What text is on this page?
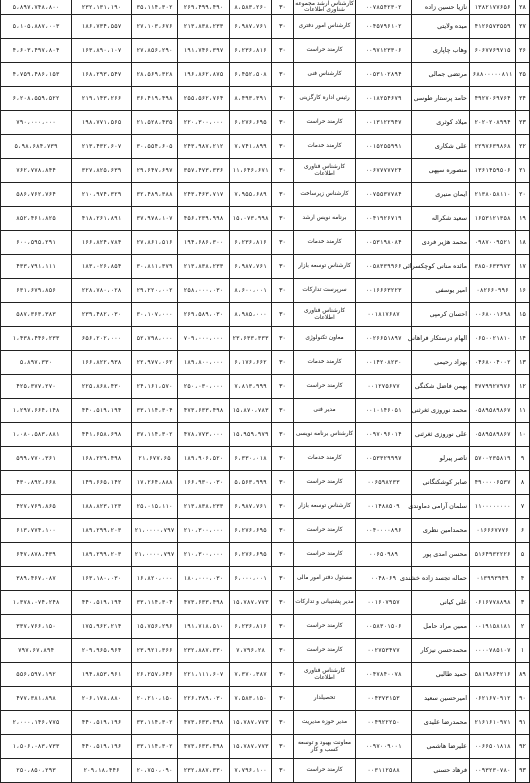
۲۸	۱۳۸۲۱۷۷۶۵۶	نازیا حسین زاده	۰۰۷۸۵۴۲۳۰۲	کارشناس ارشد مجموعه شناوری اطلاعات	۳۰	۸،۵۸۳،۲۶۰	۲۶۹،۴۹۹،۴۹۰	۳۵،۱۱۴،۳۰۲	۲۳۲،۱۳۱،۱۹۰	۵،۸۹۷،۷۴۸،۸۰۰
۲۷	۴۱۲۶۵۷۳۵۵۹	میده ولایتی	۰۰۴۵۷۹۶۱۰۲	کارشناس امور دفتری	۳۰	۶،۹۸۷،۷۶۱	۲۱۳،۸۳۸،۲۳۳	۲۷،۱۰۳،۶۷۶	۱۸۶،۷۳۴،۵۵۷	۵،۱۰۵،۸۸۷،۰۰۳
۲۶	۶۰۶۷۷۶۹۷۱۵	وهاب چاپاری	۰۰۹۷۱۲۳۳۰۶	کارمند حراست	۳۰	۶،۲۳۶،۸۱۶	۱۹۱،۷۴۶،۳۹۷	۲۷،۸۵۶،۲۹۰	۱۶۳،۸۹۰،۱۰۷	۴،۶۰۳،۴۹۷،۸۰۴
۲۵	۶۸۸۰۰۰۰۰۸۱۱	مرتضی جمالی	۰۰۵۳۱۰۲۸۹۴	کارشناس فنی	۳۰	۶،۴۵۲،۵۰۸	۱۹۶،۸۶۲،۸۷۵	۲۸،۵۶۹،۳۲۸	۱۶۸،۲۹۳،۵۴۷	۴،۷۵۹،۴۸۶،۱۵۳
۲۴	۴۹۲۷۰۶۹۷۶۴	حامد پرستار طوسی	۰۰۱۸۲۵۴۶۷۹	رئیس اداره کارگزینی	۳۰	۸،۴۹۳،۳۹۱	۲۵۵،۵۶۲،۷۶۴	۳۶،۴۱۹،۴۹۸	۲۱۹،۱۴۳،۲۶۶	۶،۲۰۸،۵۵۹،۵۲۲
۲۳	۲۰۲۰۲۰۸۹۹۴	میلاد کوثری	۰۰۱۳۱۲۲۹۴۷	کارمند حراست	۳۰	۶،۲۷۶،۶۹۵	۲۲۰،۳۰۰،۰۰۰	۲۱،۵۲۸،۴۳۵	۱۹۸،۷۷۱،۵۶۵	۷۹۰،۰۰۰،۰۰۰
۲۲	۲۲۹۷۶۳۹۸۶۸	علی شکاری	۰۰۱۵۲۵۵۹۹۱	کارمند خدمات	۳۰	۷،۷۴۱،۸۹۹	۲۴۳،۹۸۷،۲۱۲	۳۰،۵۵۴،۶۰۵	۲۱۳،۴۳۲،۶۰۷	۵،۹۸،۶۸۴،۷۳۹
۲۱	۱۳۶۱۴۵۹۵۰۶	منصوره سپهی	۰۰۶۷۷۷۷۷۲۴	کارشناس فناوری اطلاعات	۳۰	۱۱،۶۴۶،۶۷۱	۳۵۷،۴۷۳،۳۳۶	۲۹،۶۴۷،۶۹۷	۳۲۷،۸۲۵،۶۳۹	۷۶۲،۷۷۸،۸۴۴
۲۰	۲۱۳۸۰۵۸۱۱۰	ایمان منیری	۰۰۷۵۵۳۷۷۸۴	کارشناس زیرساخت	۳۰	۷،۹۵۵،۶۸۹	۲۴۳،۴۶۳،۷۱۷	۳۲،۴۸۹،۳۸۸	۲۱۰،۹۷۴،۳۲۹	۵۸۶،۷۶۲،۷۶۴
۱۹	۱۶۵۳۱۲۱۳۵۸	سعید شکراله	۰۰۴۱۹۲۶۷۱۹	برنامه نویس ارشد	۳۰	۱۵،۰۷۳،۹۹۸	۴۵۶،۲۳۹،۹۹۸	۳۷،۹۷۸،۱۰۷	۴۱۸،۲۶۱،۸۹۱	۸۵۲،۴۶۱،۸۲۵
۱۸	۰۹۸۷۰۰۹۵۲۱	محمد هژیر فردی	۰۰۵۳۱۹۸۰۸۴	کارمند خدمات	۳۰	۶،۲۳۶،۸۱۶	۱۹۴،۶۸۶،۳۰۰	۲۷،۸۶۱،۵۱۶	۱۶۶،۸۲۴،۷۸۴	۶۰۰،۵۹۵،۲۹۱
۱۷	۳۸۵۰۶۳۳۹۷۲	مائده منانی کوچکسرائی	۰۰۵۸۳۳۹۹۶۶	کارشناس توسعه بازار	۳۰	۶،۹۸۷،۷۶۱	۲۱۳،۸۳۸،۲۳۳	۳۰،۸۱۱،۳۷۹	۱۸۳،۰۲۶،۸۵۴	۴۳۳،۷۹۱،۱۱۱
۱۶	۰۸۲۶۶۰۹۹۶	امیر یوسفی	۰۰۱۶۶۶۳۲۲۳	سرپرست تدارکات	۳۰	۸،۶۰۰،۰۰۱	۲۵۸،۰۰۰،۰۳۰	۲۹،۲۲۰،۰۰۲	۲۲۸،۷۸۰،۰۲۸	۶۳۱،۶۷۹،۸۵۶
۱۵	۰۰۶۸۰۰۱۶۹۸	احسان کرمپی	۰۰۱۸۱۷۶۸۷	کارشناس فناوری اطلاعات	۳۰	۸،۹۸۵،۰۰۰	۲۶۹،۵۸۹،۰۳۰	۳۰،۱۰۷،۰۰۰	۲۳۹،۴۸۲،۰۳۰	۵۸۷،۳۶۳،۳۸۳
۱۴	۰۶۵۰۰۲۱۸۱۰	الهام درستکار فراهانی	۰۰۲۶۶۵۱۸۹۷	معاون تکنولوژی	۳۰	۲۳،۶۳۳،۳۳۳	۷۰۹،۰۰۰،۰۰۰	۵۲،۷۹۸،۰۰۰	۶۵۶،۲۰۲،۰۰۰	۱،۴۳۸،۴۴۶،۲۳۳
۱۳	۰۴۶۸۰۰۴۰۰۲	بهزاد رحیمی	۰۰۱۴۲۰۸۲۳۰	کارمند خدمات	۳۰	۶،۱۷۶،۶۶۲	۱۸۹،۸۰۰،۰۰۰	۲۲،۹۷۷،۰۶۲	۱۶۶،۸۲۲،۹۳۸	۵،۸۹۷،۳۳۰
۱۲	۴۷۷۹۹۲۷۹۷۶	بهمن فاضل شکنگی	۰۰۱۲۷۵۶۷۷	کارمند حراست	۳۰	۷،۸۱۳،۹۹۹	۲۵۰،۰۳۰،۰۰۰	۲۴،۱۶۱،۵۷۰	۲۲۵،۸۶۸،۴۳۰	۴۲۵،۳۷۷،۲۷۰
۱۱	۰۵۸۹۵۸۹۸۶۷	محمد نوروزی ثغرثنی	۰۰۱۰۱۴۶۰۵۱	مدیر فنی	۳۰	۱۵،۸۷۰،۷۸۳	۴۷۳،۶۳۳،۴۹۸	۳۳،۱۱۴،۳۰۴	۴۴۰،۵۱۹،۱۹۴	۱،۲۹۷،۶۶۴،۱۴۸
۱۰	۰۵۸۹۵۸۹۸۶۷	علی نوروزی ثغرثنی	۰۰۹۷۰۹۶۰۱۴	کارشناس برنامه نویسی	۳۰	۱۵،۹۵۹،۹۷۹	۴۷۸،۷۷۳،۰۰۰	۳۷،۱۱۴،۳۰۲	۴۴۱،۶۵۸،۶۹۸	۱،۰۸۰،۵۸۳،۸۸۱
۹	۵۷۰۰۲۳۵۸۱۹	ناصر پیرلو	۰۰۵۳۳۲۹۹۹۷	کارمند خدمات	۳۰	۶،۳۳۰،۰۱۸	۱۸۹،۹۰۶،۵۲۰	۲۱،۶۷۷،۶۵	۱۶۸،۲۲۹،۴۹۸	۵۹۹،۷۷۰،۳۶۱
۸	۴۹۰۰۰۰۶۵۳۷	صابر کوشکنگانی	۰۰۶۵۹۸۲۳۳	کارمند حراست	۳۰	۵،۵۶۳،۹۹۹	۱۶۶،۹۳۰،۰۳۰	۱۷،۲۶۴،۸۸۸	۱۴۹،۶۶۵،۱۴۲	۴۳۰،۸۹۲،۶۶۸
۷	۱۱۰۰۰۰۰۰۰۰	سلمان آرامی دماوندی	۰۰۱۴۸۸۵۰۹	کارشناس توسعه بازار	۳۰	۶،۹۸۷،۷۶۱	۲۱۳،۸۳۸،۲۳۳	۲۵،۰۱۵،۱۱۰	۱۸۸،۸۲۳،۱۲۳	۴۲۷،۷۶۹،۸۶۵
۶	۰۱۶۶۶۷۷۷۶	محمدامین نظری	۰۰۴۰۰۰۰۸۹۶	کارمند حراست	۳۰	۶،۲۷۶،۶۹۵	۲۱۰،۳۰۰،۰۰۰	۲۱،۰۰۰۰،۷۹۷	۱۸۹،۲۹۹،۲۰۳	۶۱۳،۷۷۴،۱۰۰
۵	۵۱۶۴۹۳۲۲۲۶	محسن امدی پور	۰۰۶۵۰۹۸۹	کارمند حراست	۳۰	۶،۲۷۶،۶۹۵	۲۱۰،۳۰۰،۰۰۰	۲۱،۰۰۰۰،۷۹۷	۱۸۹،۲۹۹،۲۰۳	۶۴۷،۸۷۸،۴۳۹
۴	۰۱۳۹۹۳۹۴۹	حماله تجسد زاده خشندی	۰۰۴۸۰۶۹	مسئول دفتر امور مالی	۳۰	۶،۰۰۰،۰۰۱	۱۸۰،۰۰۰،۰۳۰	۱۶،۸۲۰،۰۰۰	۱۶۳،۱۸۰،۰۳۰	۳۸۹،۴۶۷،۰۸۷
۳	۰۶۱۶۷۷۸۸۹۸	علی کیانی	۰۰۱۶۰۷۹۵۷	مدیر پشتیبانی و تدارکات	۳۰	۱۵،۷۸۷،۷۷۳	۴۷۳،۶۳۳،۴۹۸	۳۳،۱۱۴،۳۰۴	۴۴۰،۵۱۹،۱۹۴	۱،۳۷۸،۰۷۴،۲۴۸
۲	۰۰۱۹۱۵۸۱۸۱	ممين مراد حامل	۰۰۵۸۳۰۱۵۰۶	کارمند حراست	۳۰	۶،۲۳۶،۸۱۶	۱۹۱،۷۱۸،۵۱۰	۱۵،۷۵۶،۲۹۶	۱۷۵،۹۶۲،۲۱۴	۳۳۷،۷۶۶،۱۵۰
۱	۰۰۰۰۷۸۵۱۰۷	محمدحسن نیزکار	۰۰۲۷۵۳۴۷۷	کارمند حراست	۳۰	۷،۷۹۶،۲۸	۲۳۲،۸۸۷،۳۳۰	۲۳،۹۲۱،۳۶۶	۲۰۹،۹۶۵،۹۶۴	۷۹۷،۶۷،۸۹۴
۸۹	۵۸۱۹۸۶۴۲۱۶	حمید طالبی	۰۰۴۷۸۴۰۰۷۸	کارشناس فناوری اطلاعات	۳۰	۷،۳۷۰،۳۸۷	۲۲۱،۱۱۱،۶۰۷	۲۶،۲۵۷،۶۴۶	۱۹۴،۸۵۳،۹۶۱	۵۵۶،۵۹۷،۱۹۲
۹۰	۰۶۲۱۶۷۰۹۱۲	امیرحسین سعید	۰۰۴۳۷۳۱۵۳	تحصیلدار	۳۰	۷،۵۸۳،۱۵۰	۲۲۶،۳۸۹،۰۳۰	۲۰،۲۱۰،۱۵۰	۲۰۶،۱۷۸،۸۸۰	۴۷۷،۳۸۱،۸۹۸
۹۱	۲۱۶۱۶۱۰۹۷۱	محمدرضا علیدی	۰۰۴۹۲۲۲۵۰	مدیر حوزه مدیریت	۳۰	۱۵،۷۸۷،۷۷۳	۴۷۳،۶۳۳،۴۹۸	۳۳،۱۱۴،۳۰۲	۴۴۰،۵۱۹،۱۹۶	۲،۰۰۰،۱۴۶،۷۷۵
۹۲	۰۰۶۶۵۰۱۸۱۸	علیرضا هاشمی	۰۰۹۷۰۰۹۰۰۱	معاونت بهبود و توسعه کسب و کار	۳۰	۱۵،۷۸۷،۷۷۳	۴۷۳،۶۳۳،۴۹۸	۳۳،۱۱۴،۳۰۲	۴۴۰،۵۱۹،۱۹۶	۱،۵۰۶،۰۸۳،۷۳۳
۹۳	۰۰۹۳۲۳۰۷۸۰	فرهاد حسنی	۰۰۳۱۱۲۵۸۸	کارمند حراست	۳۰	۷،۷۹۶،۱۰۰	۲۳۲،۸۸۷،۳۳۰	۲۰،۷۵۰،۰۹۰	۲۰۹،۱۸،۴۴۶	۲۵۰،۸۵۰،۲۹۳
